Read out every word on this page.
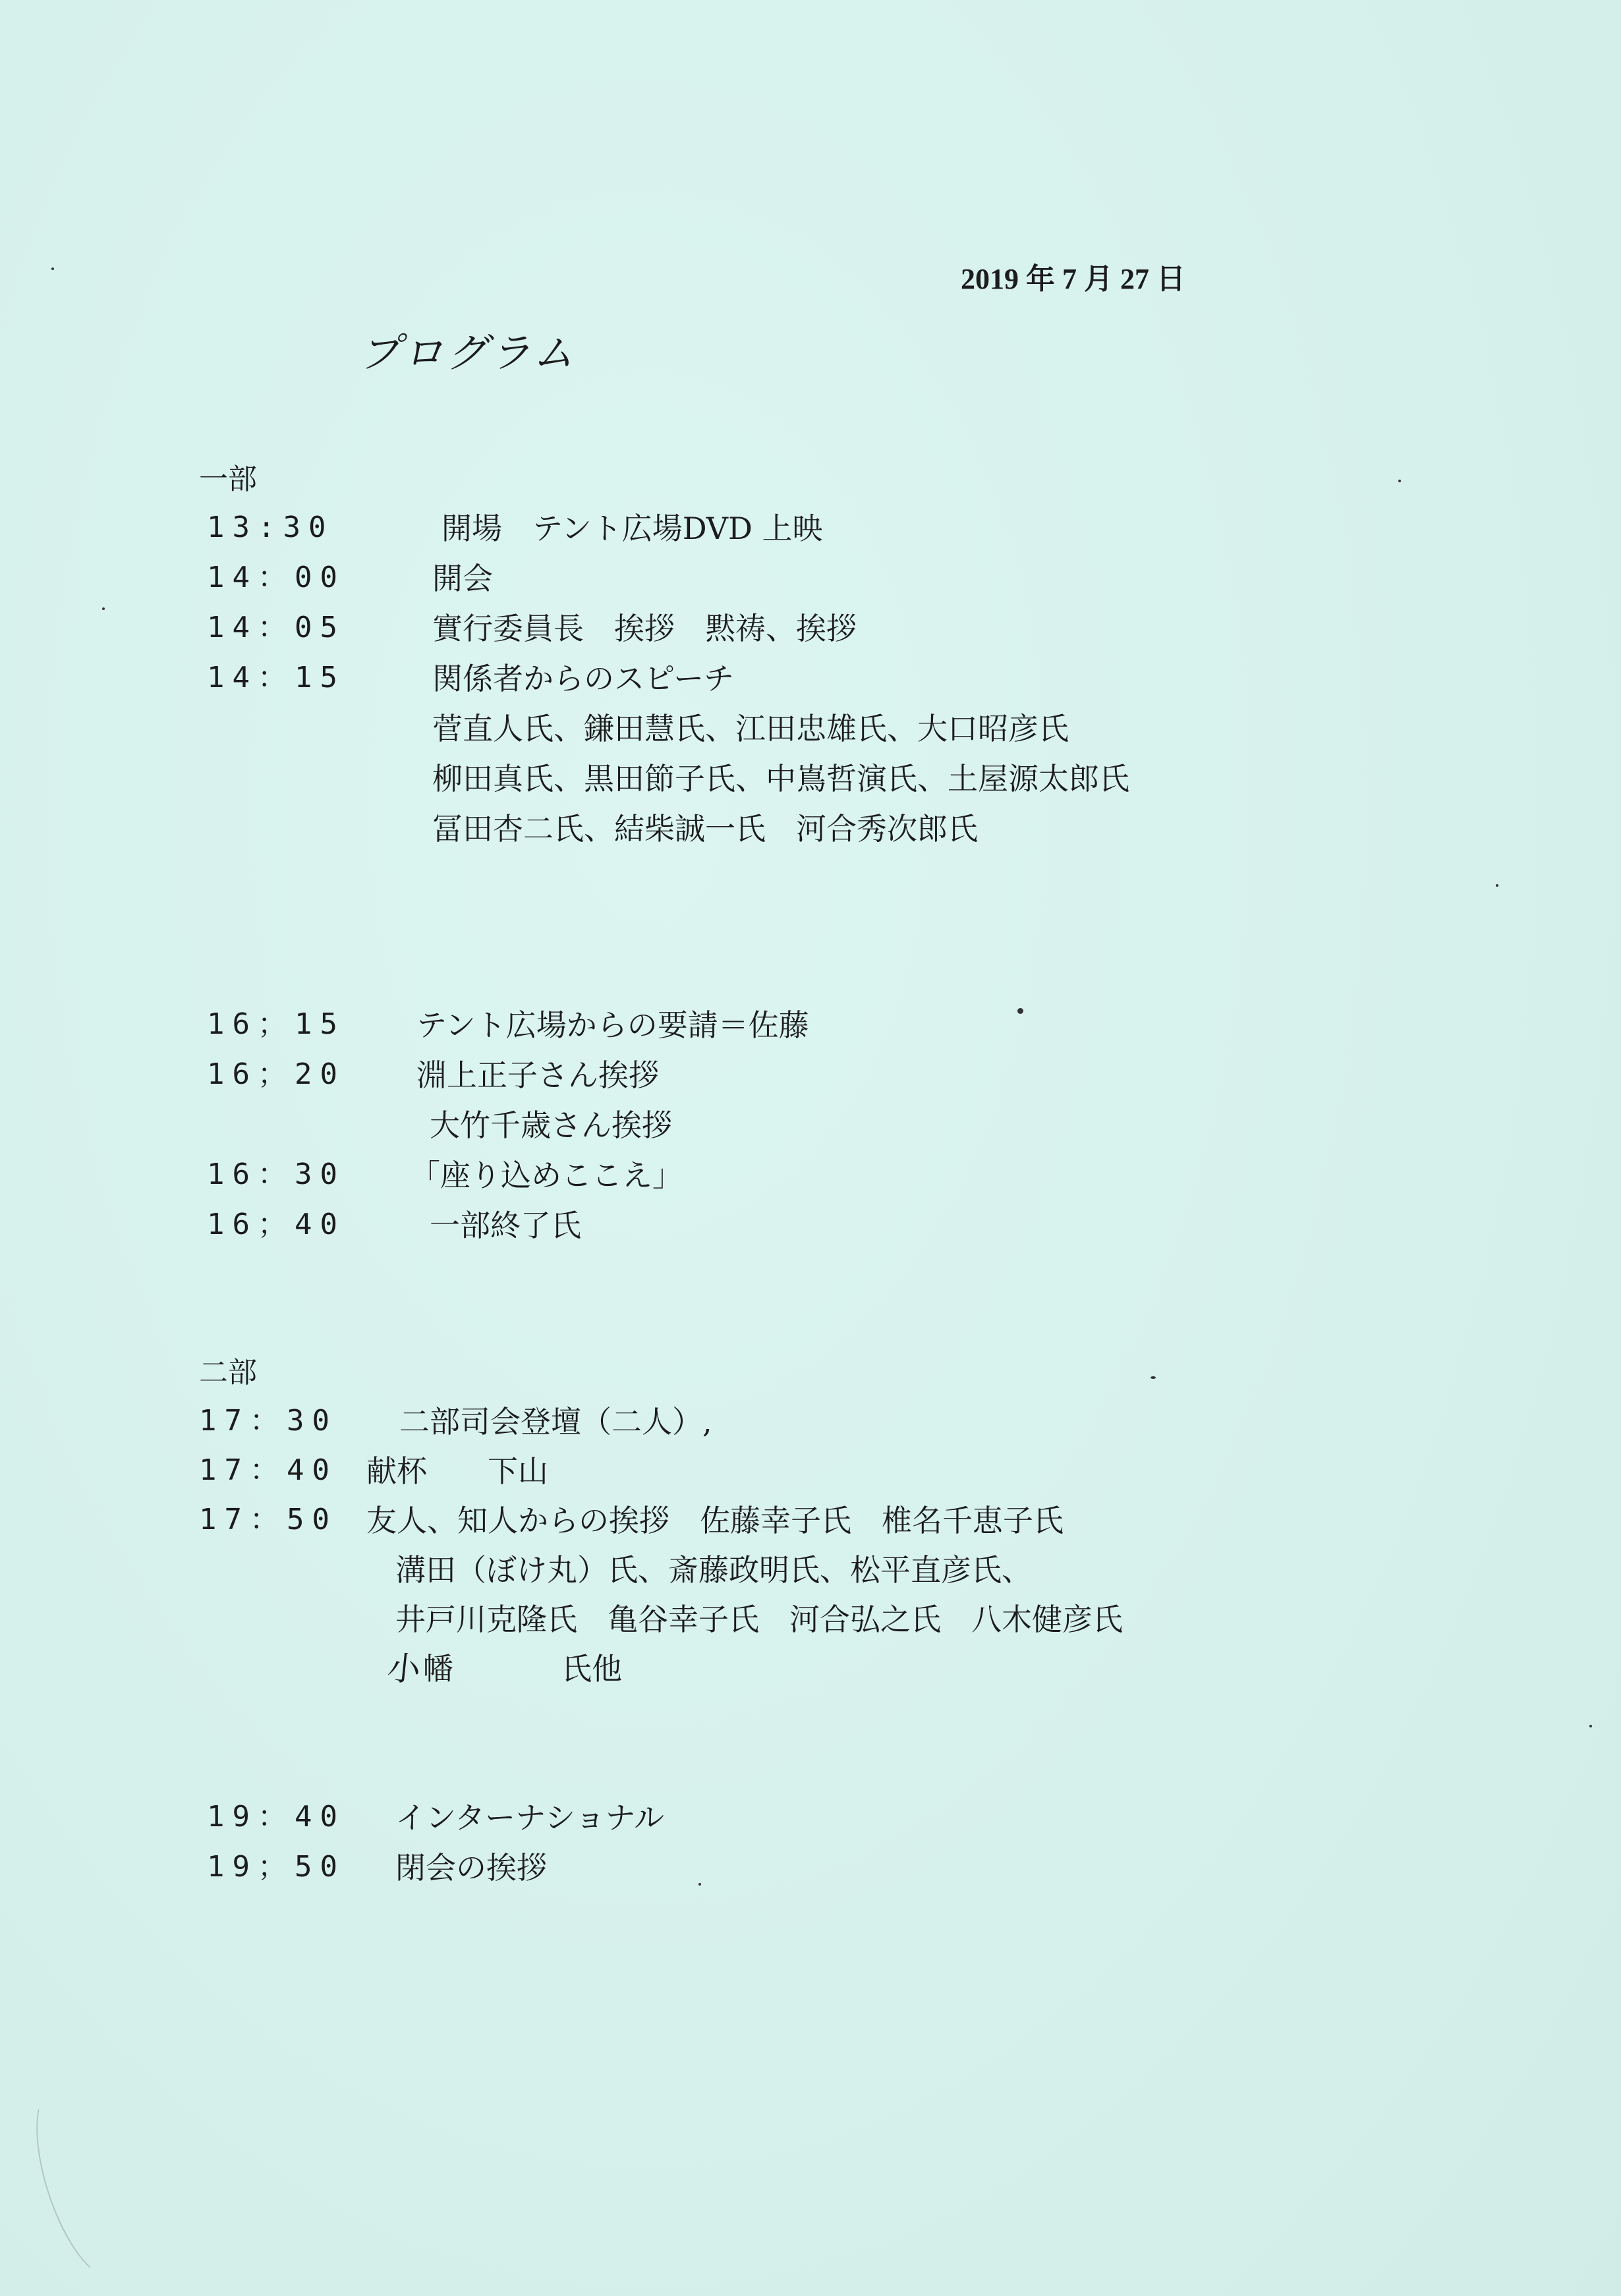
2019 年 7 月 27 日
プログラム
一部
13:30	開場　テント広場DVD 上映
14：00	開会
14：05	實行委員長　挨拶　黙祷、挨拶
14：15	関係者からのスピーチ
菅直人氏、鎌田慧氏、江田忠雄氏、大口昭彦氏
柳田真氏、黒田節子氏、中嶌哲演氏、土屋源太郎氏
冨田杏二氏、結柴誠一氏　河合秀次郎氏
16；15 テント広場からの要請＝佐藤
16；20 淵上正子さん挨拶
大竹千歳さん挨拶
16：30 「座り込めここえ」
16；40	一部終了氏
二部
17：30 二部司会登壇（二人）,
17：40 献杯　　下山
17：50 友人、知人からの挨拶　佐藤幸子氏　椎名千恵子氏
溝田（ぼけ丸）氏、斎藤政明氏、松平直彦氏、
井戸川克隆氏　亀谷幸子氏　河合弘之氏　八木健彦氏
小 幡	氏他
19：40 インターナショナル
19；50 閉会の挨拶
